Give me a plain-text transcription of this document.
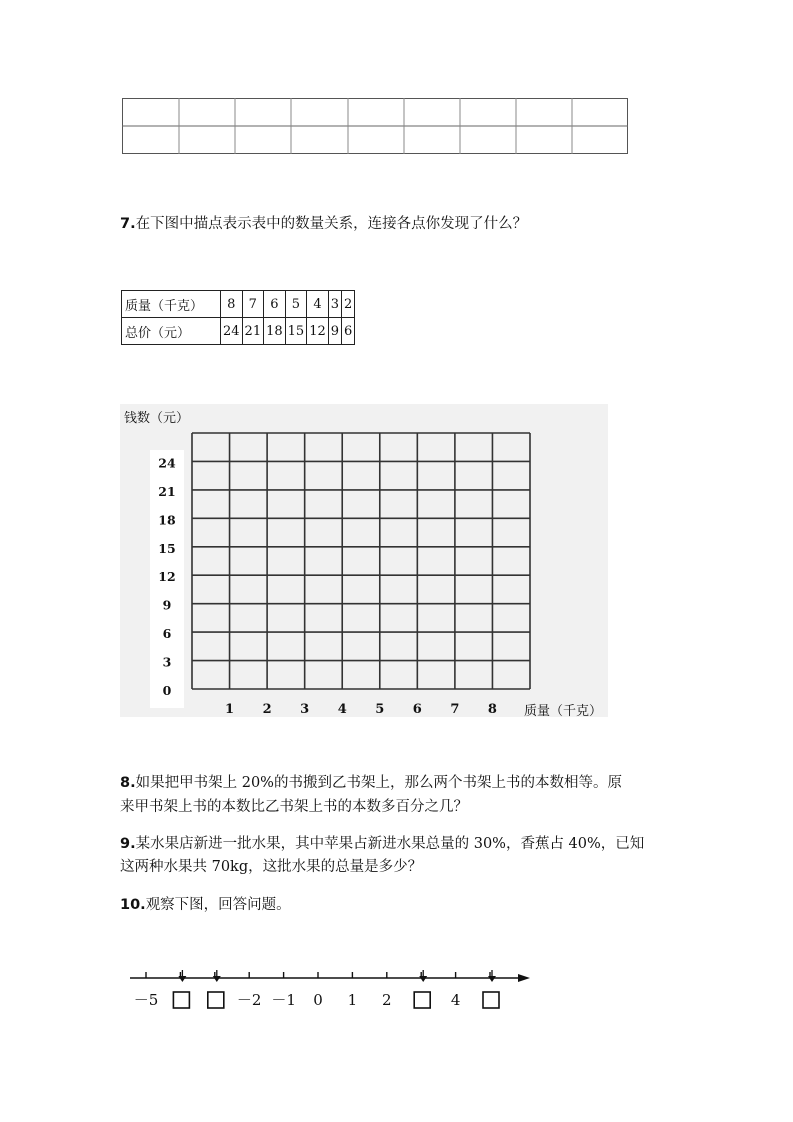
7.在下图中描点表示表中的数量关系，连接各点你发现了什么？
质量（千克）	8	7	6	5	4	3	2
总价（元）	24	21	18	15	12	9	6
钱数（元）
质量（千克）
1 2 3 4 5 6 7 8
0
3
6
9
12
15
18
21
24
8.如果把甲书架上 20%的书搬到乙书架上，那么两个书架上书的本数相等。原
来甲书架上书的本数比乙书架上书的本数多百分之几？
9.某水果店新进一批水果，其中苹果占新进水果总量的 30%，香蕉占 40%，已知
这两种水果共 70kg，这批水果的总量是多少？
10.观察下图，回答问题。
－5	－2 －1 0 1 2	4
